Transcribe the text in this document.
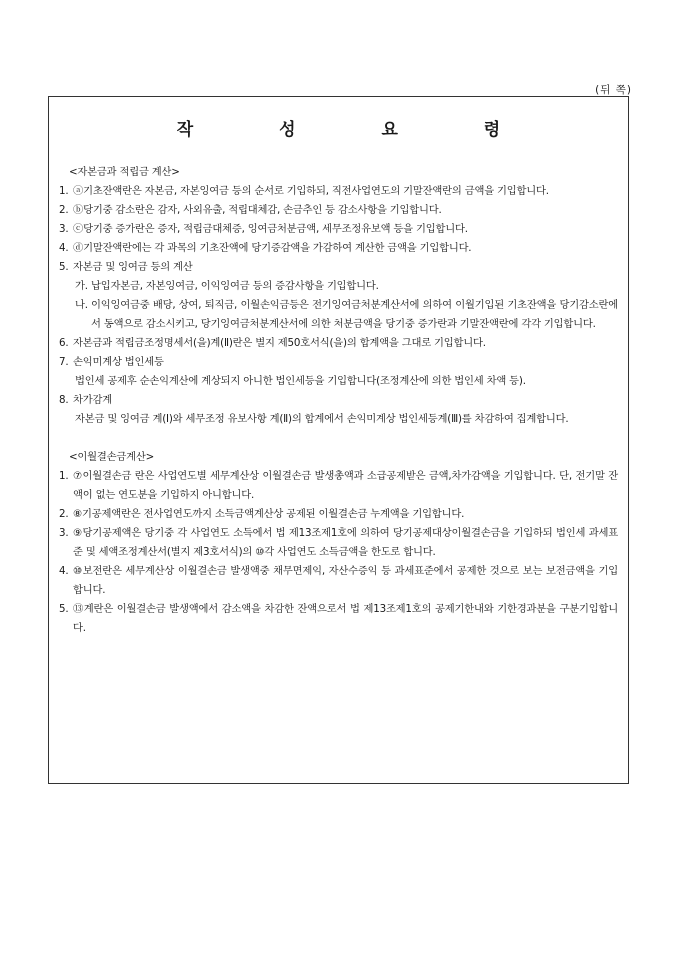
(뒤 쪽)

작 성 요 령

<자본금과 적립금 계산>

1. ⓐ기초잔액란은 자본금, 자본잉여금 등의 순서로 기입하되, 직전사업연도의 기말잔액란의 금액을 기입합니다.
2. ⓑ당기중 감소란은 감자, 사외유출, 적립대체감, 손금추인 등 감소사항을 기입합니다.
3. ⓒ당기중 증가란은 증자, 적립금대체증, 잉여금처분금액, 세무조정유보액 등을 기입합니다.
4. ⓓ기말잔액란에는 각 과목의 기초잔액에 당기증감액을 가감하여 계산한 금액을 기입합니다.
5. 자본금 및 잉여금 등의 계산
가. 납입자본금, 자본잉여금, 이익잉여금 등의 증감사항을 기입합니다.
나. 이익잉여금중 배당, 상여, 퇴직금, 이월손익금등은 전기잉여금처분계산서에 의하여 이월기입된 기초잔액을 당기감소란에서 동액으로 감소시키고, 당기잉여금처분계산서에 의한 처분금액을 당기중 증가란과 기말잔액란에 각각 기입합니다.
6. 자본금과 적립금조정명세서(을)계(Ⅱ)란은 별지 제50호서식(을)의 합계액을 그대로 기입합니다.
7. 손익미계상 법인세등

법인세 공제후 순손익계산에 계상되지 아니한 법인세등을 기입합니다(조정계산에 의한 법인세 차액 등).

8. 차가감계

자본금 및 잉여금 계(Ⅰ)와 세무조정 유보사항 계(Ⅱ)의 합계에서 손익미계상 법인세등계(Ⅲ)를 차감하여 집계합니다.

<이월결손금계산>

1. ⑦이월결손금 란은 사업연도별 세무계산상 이월결손금 발생총액과 소급공제받은 금액,차가감액을 기입합니다. 단, 전기말 잔액이 없는 연도분을 기입하지 아니합니다.
2. ⑧기공제액란은 전사업연도까지 소득금액계산상 공제된 이월결손금 누계액을 기입합니다.
3. ⑨당기공제액은 당기중 각 사업연도 소득에서 법 제13조제1호에 의하여 당기공제대상이월결손금을 기입하되 법인세 과세표준 및 세액조정계산서(별지 제3호서식)의 ⑩각 사업연도 소득금액을 한도로 합니다.
4. ⑩보전란은 세무계산상 이월결손금 발생액중 채무면제익, 자산수증익 등 과세표준에서 공제한 것으로 보는 보전금액을 기입합니다.
5. ⑬계란은 이월결손금 발생액에서 감소액을 차감한 잔액으로서 법 제13조제1호의 공제기한내와 기한경과분을 구분기입합니다.
